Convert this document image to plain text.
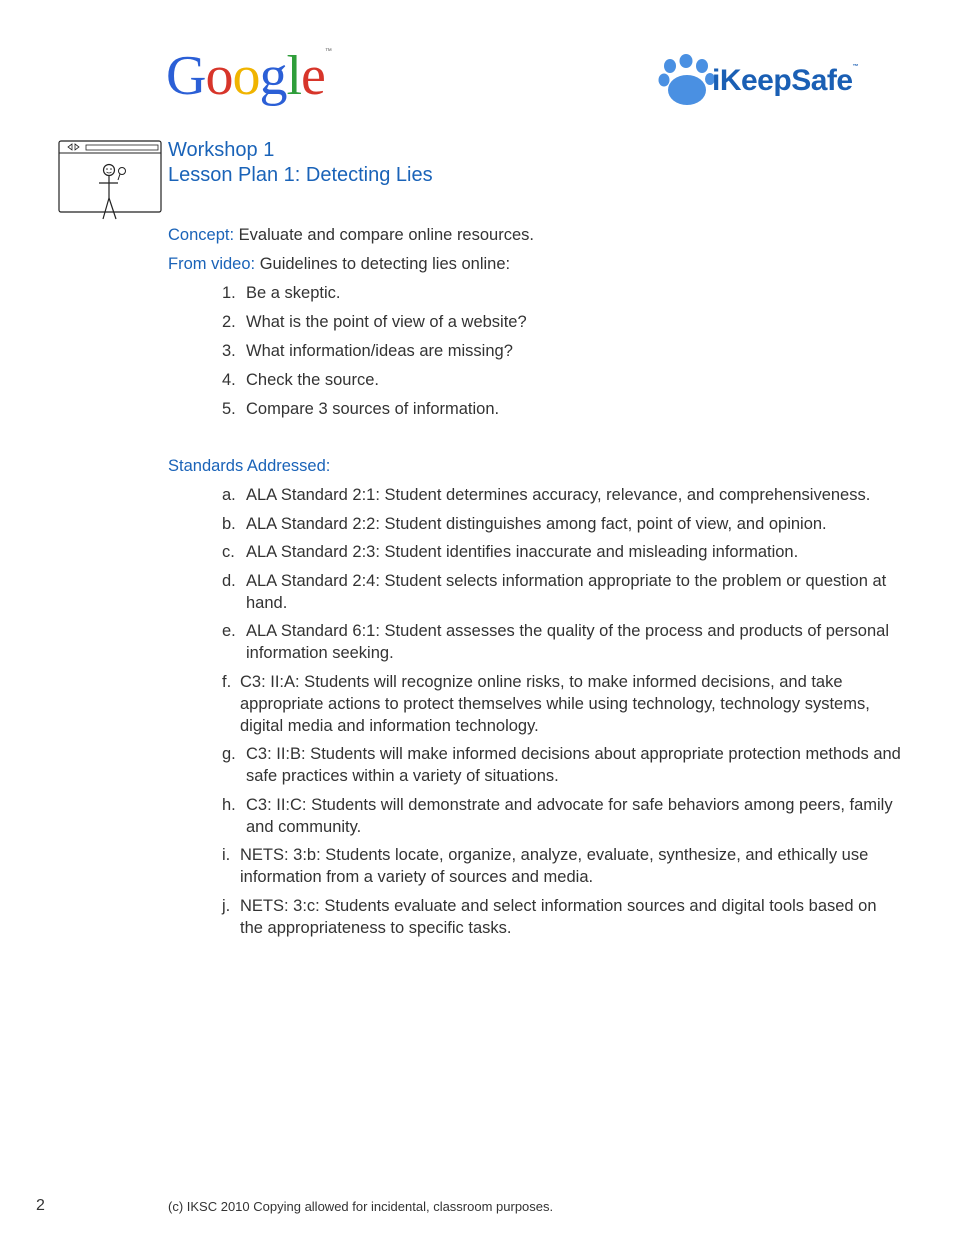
Google™
iKeepSafe™
Workshop 1
Lesson Plan 1: Detecting Lies
Concept: Evaluate and compare online resources.
From video: Guidelines to detecting lies online:
1. Be a skeptic.
2. What is the point of view of a website?
3. What information/ideas are missing?
4. Check the source.
5. Compare 3 sources of information.
Standards Addressed:
a. ALA Standard 2:1: Student determines accuracy, relevance, and comprehensiveness.
b. ALA Standard 2:2: Student distinguishes among fact, point of view, and opinion.
c. ALA Standard 2:3: Student identifies inaccurate and misleading information.
d. ALA Standard 2:4: Student selects information appropriate to the problem or question at hand.
e. ALA Standard 6:1: Student assesses the quality of the process and products of personal information seeking.
f. C3: II:A: Students will recognize online risks, to make informed decisions, and take appropriate actions to protect themselves while using technology, technology systems, digital media and information technology.
g. C3: II:B: Students will make informed decisions about appropriate protection methods and safe practices within a variety of situations.
h. C3: II:C: Students will demonstrate and advocate for safe behaviors among peers, family and community.
i. NETS: 3:b: Students locate, organize, analyze, evaluate, synthesize, and ethically use information from a variety of sources and media.
j. NETS: 3:c: Students evaluate and select information sources and digital tools based on the appropriateness to specific tasks.
2	(c) IKSC 2010 Copying allowed for incidental, classroom purposes.
